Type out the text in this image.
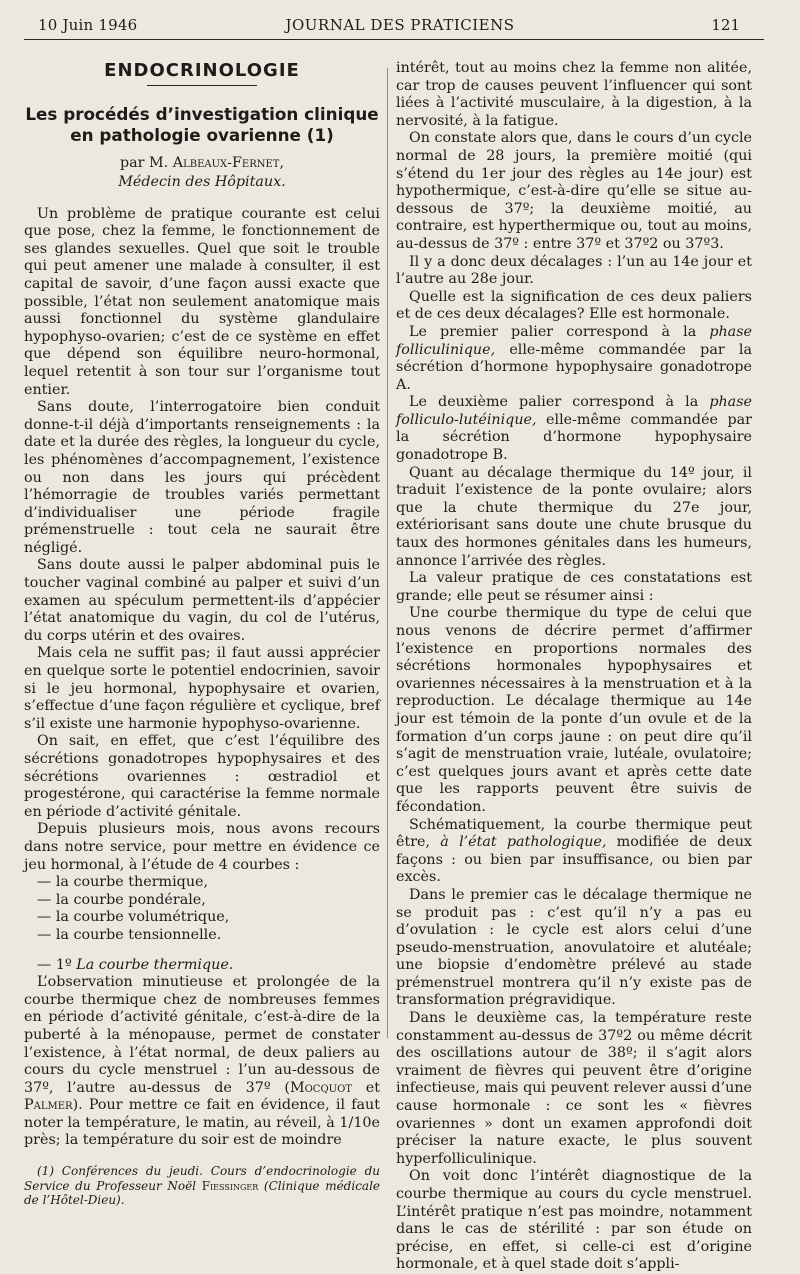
10 Juin 1946	JOURNAL DES PRATICIENS	121
ENDOCRINOLOGIE
Les procédés d’investigation clinique
en pathologie ovarienne (1)
par M. Albeaux-Fernet,
Médecin des Hôpitaux.

Un problème de pratique courante est celui que pose, chez la femme, le fonctionnement de ses glandes sexuelles. Quel que soit le trouble qui peut amener une malade à consulter, il est capital de savoir, d’une façon aussi exacte que possible, l’état non seulement anatomique mais aussi fonctionnel du système glandulaire hypophyso-ovarien; c’est de ce système en effet que dépend son équilibre neuro-hormonal, lequel retentit à son tour sur l’organisme tout entier.

Sans doute, l’interrogatoire bien conduit donne-t-il déjà d’importants renseignements : la date et la durée des règles, la longueur du cycle, les phénomènes d’accompagnement, l’existence ou non dans les jours qui précèdent l’hémorragie de troubles variés permettant d’individualiser une période fragile prémenstruelle : tout cela ne saurait être négligé.

Sans doute aussi le palper abdominal puis le toucher vaginal combiné au palper et suivi d’un examen au spéculum permettent-ils d’appécier l’état anatomique du vagin, du col de l’utérus, du corps utérin et des ovaires.

Mais cela ne suffit pas; il faut aussi apprécier en quelque sorte le potentiel endocrinien, savoir si le jeu hormonal, hypophysaire et ovarien, s’effectue d’une façon régulière et cyclique, bref s’il existe une harmonie hypophyso-ovarienne.

On sait, en effet, que c’est l’équilibre des sécrétions gonadotropes hypophysaires et des sécrétions ovariennes : œstradiol et progestérone, qui caractérise la femme normale en période d’activité génitale.

Depuis plusieurs mois, nous avons recours dans notre service, pour mettre en évidence ce jeu hormonal, à l’étude de 4 courbes :

— la courbe thermique,

— la courbe pondérale,

— la courbe volumétrique,

— la courbe tensionnelle.

— 1º La courbe thermique.

L’observation minutieuse et prolongée de la courbe thermique chez de nombreuses femmes en période d’activité génitale, c’est-à-dire de la puberté à la ménopause, permet de constater l’existence, à l’état normal, de deux paliers au cours du cycle menstruel : l’un au-dessous de 37º, l’autre au-dessus de 37º (Mocquot et Palmer). Pour mettre ce fait en évidence, il faut noter la température, le matin, au réveil, à 1/10e près; la température du soir est de moindre

(1) Conférences du jeudi. Cours d’endocrinologie du Service du Professeur Noël Fiessinger (Clinique médicale de l’Hôtel-Dieu).

intérêt, tout au moins chez la femme non alitée, car trop de causes peuvent l’influencer qui sont liées à l’activité musculaire, à la digestion, à la nervosité, à la fatigue.

On constate alors que, dans le cours d’un cycle normal de 28 jours, la première moitié (qui s’étend du 1er jour des règles au 14e jour) est hypothermique, c’est-à-dire qu’elle se situe au-dessous de 37º; la deuxième moitié, au contraire, est hyperthermique ou, tout au moins, au-dessus de 37º : entre 37º et 37º2 ou 37º3.

Il y a donc deux décalages : l’un au 14e jour et l’autre au 28e jour.

Quelle est la signification de ces deux paliers et de ces deux décalages? Elle est hormonale.

Le premier palier correspond à la phase folliculinique, elle-même commandée par la sécrétion d’hormone hypophysaire gonadotrope A.

Le deuxième palier correspond à la phase folliculo-lutéinique, elle-même commandée par la sécrétion d’hormone hypophysaire gonadotrope B.

Quant au décalage thermique du 14º jour, il traduit l’existence de la ponte ovulaire; alors que la chute thermique du 27e jour, extériorisant sans doute une chute brusque du taux des hormones génitales dans les humeurs, annonce l’arrivée des règles.

La valeur pratique de ces constatations est grande; elle peut se résumer ainsi :

Une courbe thermique du type de celui que nous venons de décrire permet d’affirmer l’existence en proportions normales des sécrétions hormonales hypophysaires et ovariennes nécessaires à la menstruation et à la reproduction. Le décalage thermique au 14e jour est témoin de la ponte d’un ovule et de la formation d’un corps jaune : on peut dire qu’il s’agit de menstruation vraie, lutéale, ovulatoire; c’est quelques jours avant et après cette date que les rapports peuvent être suivis de fécondation.

Schématiquement, la courbe thermique peut être, à l’état pathologique, modifiée de deux façons : ou bien par insuffisance, ou bien par excès.

Dans le premier cas le décalage thermique ne se produit pas : c’est qu’il n’y a pas eu d’ovulation : le cycle est alors celui d’une pseudo-menstruation, anovulatoire et alutéale; une biopsie d’endomètre prélevé au stade prémenstruel montrera qu’il n’y existe pas de transformation prégravidique.

Dans le deuxième cas, la température reste constamment au-dessus de 37º2 ou même décrit des oscillations autour de 38º; il s’agit alors vraiment de fièvres qui peuvent être d’origine infectieuse, mais qui peuvent relever aussi d’une cause hormonale : ce sont les « fièvres ovariennes » dont un examen approfondi doit préciser la nature exacte, le plus souvent hyperfolliculinique.

On voit donc l’intérêt diagnostique de la courbe thermique au cours du cycle menstruel. L’intérêt pratique n’est pas moindre, notamment dans le cas de stérilité : par son étude on précise, en effet, si celle-ci est d’origine hormonale, et à quel stade doit s’appli-
